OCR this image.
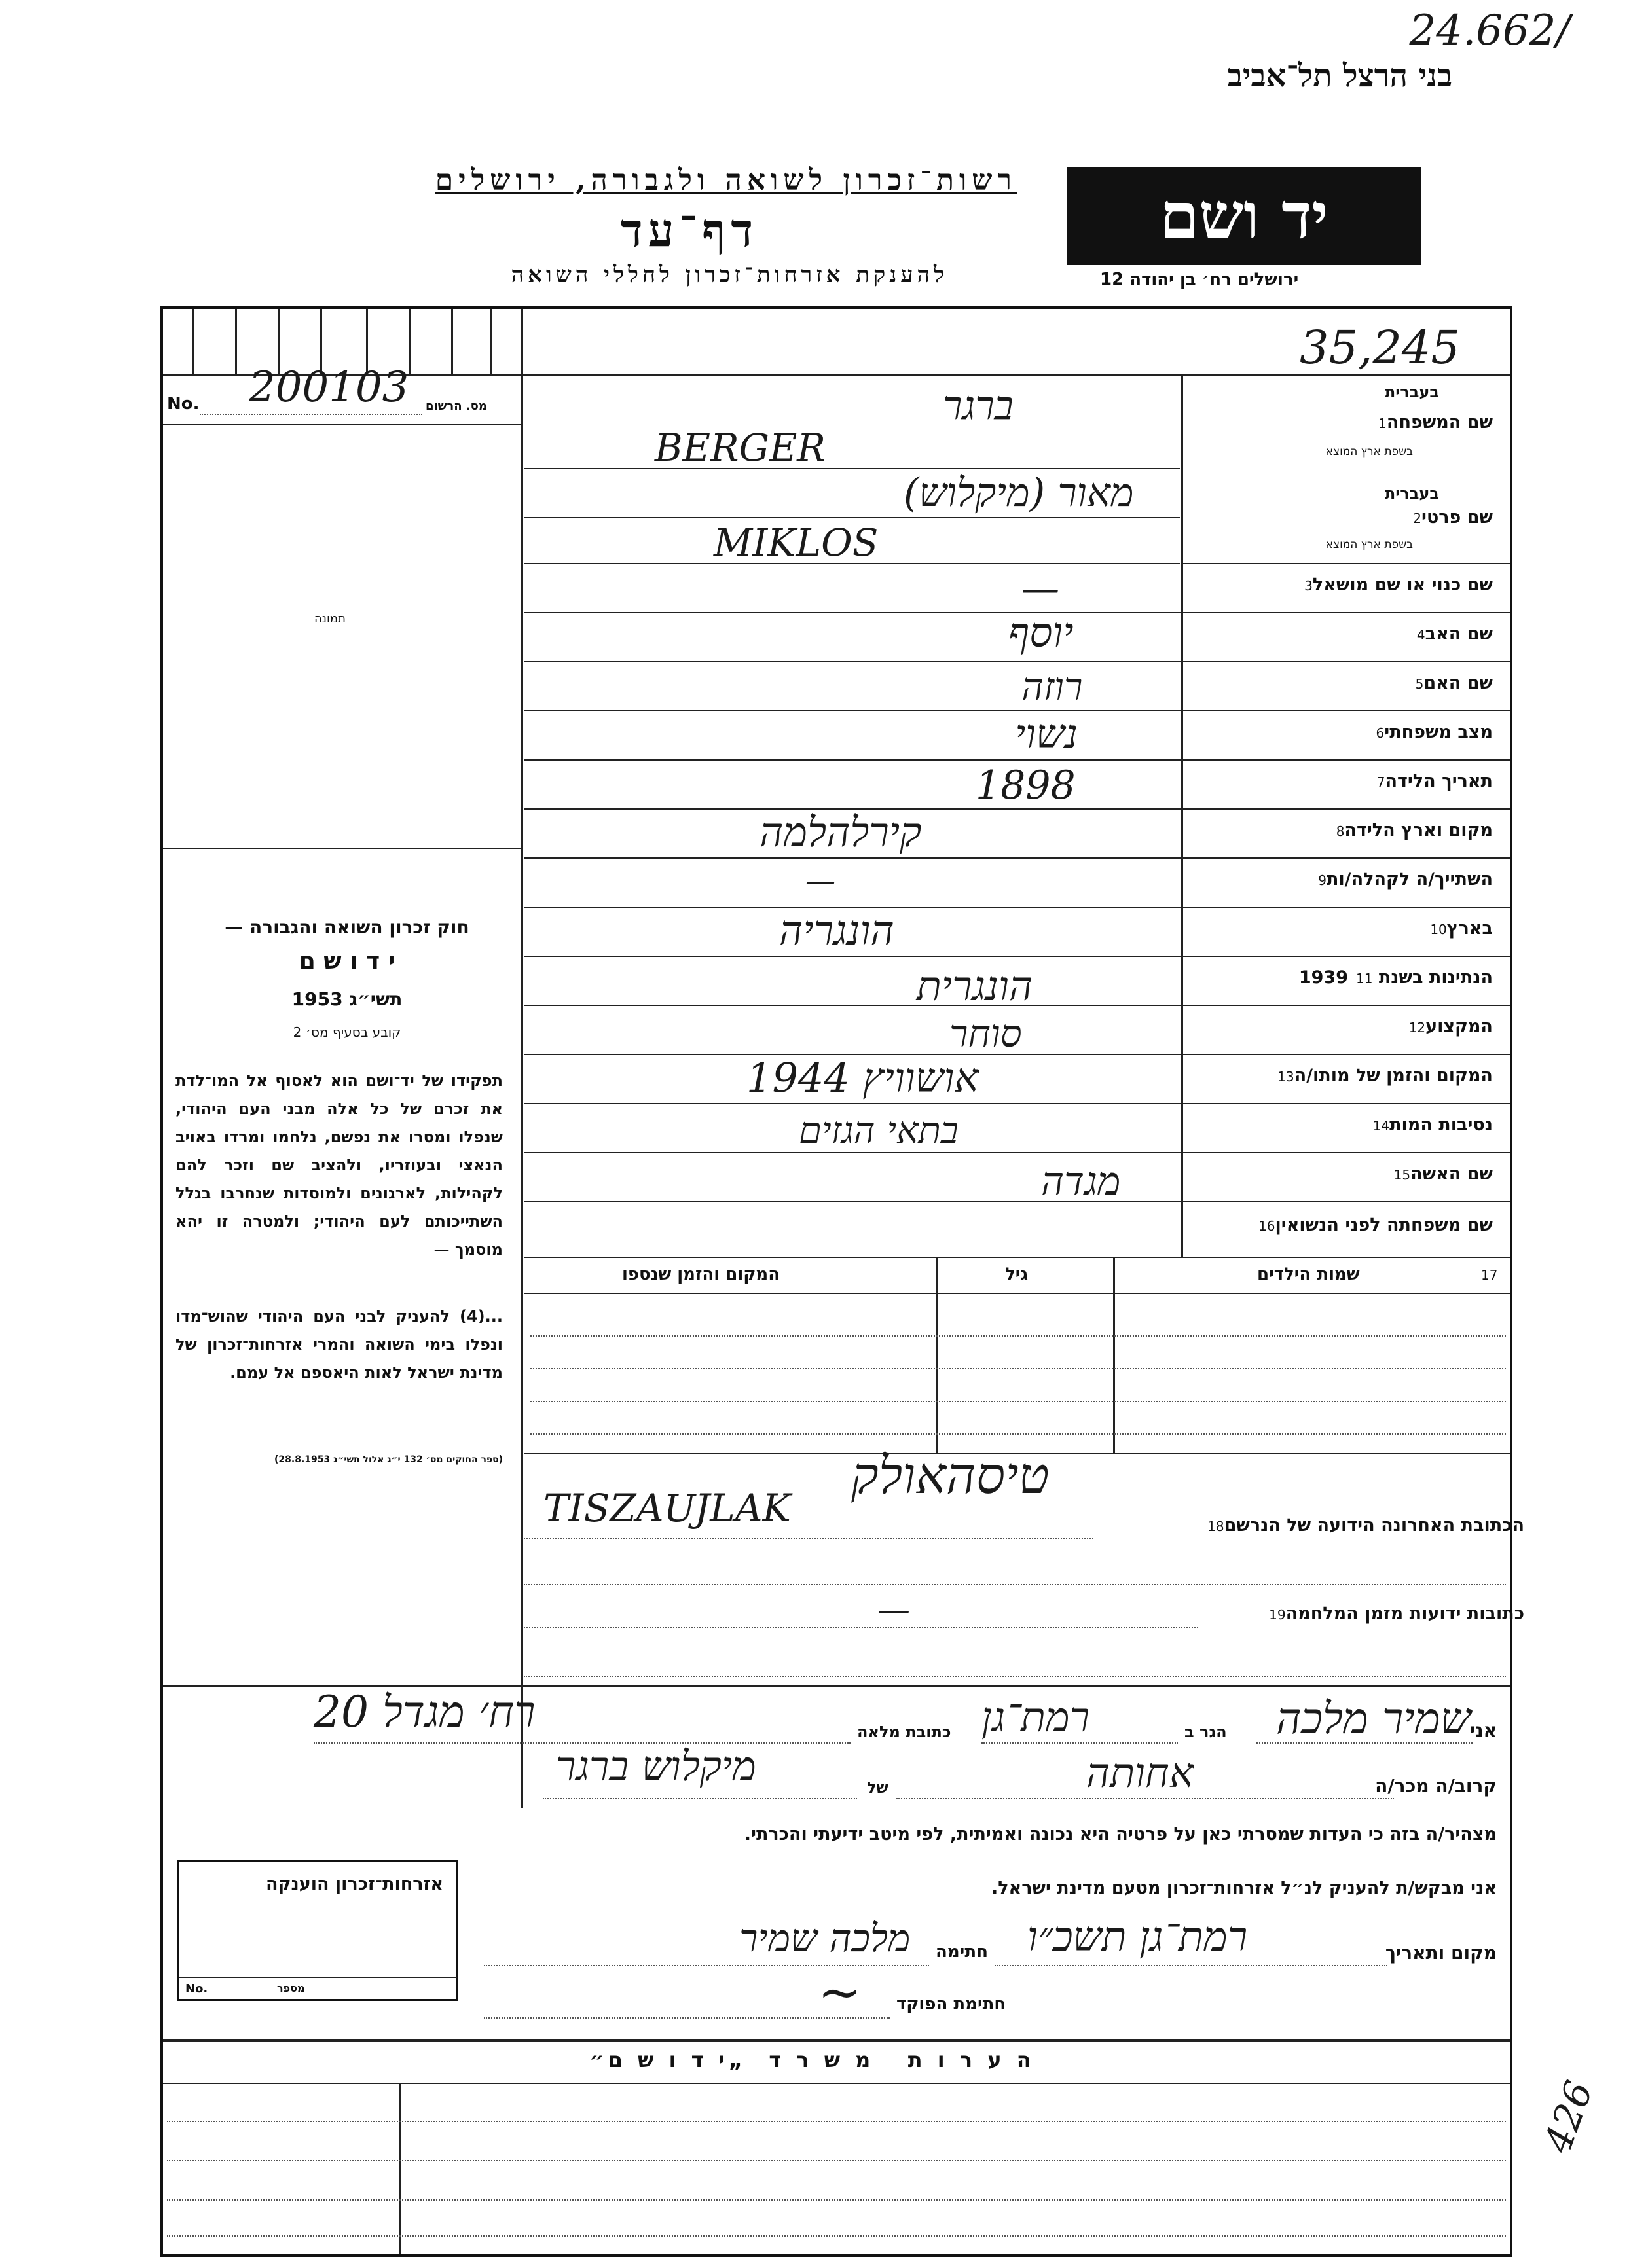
24.662/
בני הרצל תל־אביב
רשות־זכרון לשואה ולגבורה, ירושלים
דף־עד
להענקת אזרחות־זכרון לחללי השואה
יד ושם
ירושלים רח׳ בן יהודה 12
35,245
No. 200103 מס. הרשום
תמונה
שם המשפחה1
בעברית
בשפת ארץ המוצא
שם פרטי2
בעברית
בשפת ארץ המוצא
שם כנוי או שם מושאל3
שם האב4
שם האם5
מצב משפחתי6
תאריך הלידה7
מקום וארץ הלידה8
השתייך/ה לקהלה/ות9
בארץ10
הנתינות בשנת 193911
המקצוע12
המקום והזמן של מותו/ה13
נסיבות המות14
שם האשה15
שם משפחתה לפני הנשואין16
ברגר
BERGER
מאור (מיקלוש)
MIKLOS
—
יוסף
רוזה
נשוי
1898
קירלהלמה
—
הונגריה
הונגרית
סוחר
אושוויץ 1944
בתאי הגזים
מגדה
שמות הילדים	17
גיל
המקום והזמן שנספו
חוק זכרון השואה והגבורה —
י ד ו ש ם
תשי״ג 1953
קובע בסעיף מס׳ 2
תפקידו של יד־ושם הוא לאסוף אל המו־לדת את זכרם של כל אלה מבני העם היהודי, שנפלו ומסרו את נפשם, נלחמו ומרדו באויב הנאצי ובעוזריו, ולהציב שם וזכר להם לקהילות, לארגונים ולמוסדות שנחרבו בגלל השתייכותם לעם היהודי; ולמטרה זו יהא מוסמך —
...(4) להעניק לבני העם היהודי שהוש־מדו ונפלו בימי השואה והמרי אזרחות־זכרון של מדינת ישראל לאות היאספם אל עמם.
(ספר החוקים מס׳ 132 י״ג אלול תשי״ג 28.8.1953)
הכתובת האחרונה הידועה של הנרשם18
טיסהאולק
TISZAUJLAK
כתובות ידועות מזמן המלחמה19
—
אני
שמיר מלכה
הגר ב
רמת־גן
כתובת מלאה
רח׳ מגדל 20
קרוב/ה מכר/ה
אחותה
של
מיקלוש ברגר
מצהיר/ה בזה כי העדות שמסרתי כאן על פרטיה היא נכונה ואמיתית, לפי מיטב ידיעתי והכרתי.
אני מבקש/ת להעניק לנ״ל אזרחות־זכרון מטעם מדינת ישראל.
מקום ותאריך
רמת־גן תשכ״ו
חתימה
מלכה שמיר
חתימת הפוקד
~
אזרחות־זכרון הוענקה
No.	מספר
ה ע ר ו ת   מ ש ר ד  „י ד ו ש ם״
426
